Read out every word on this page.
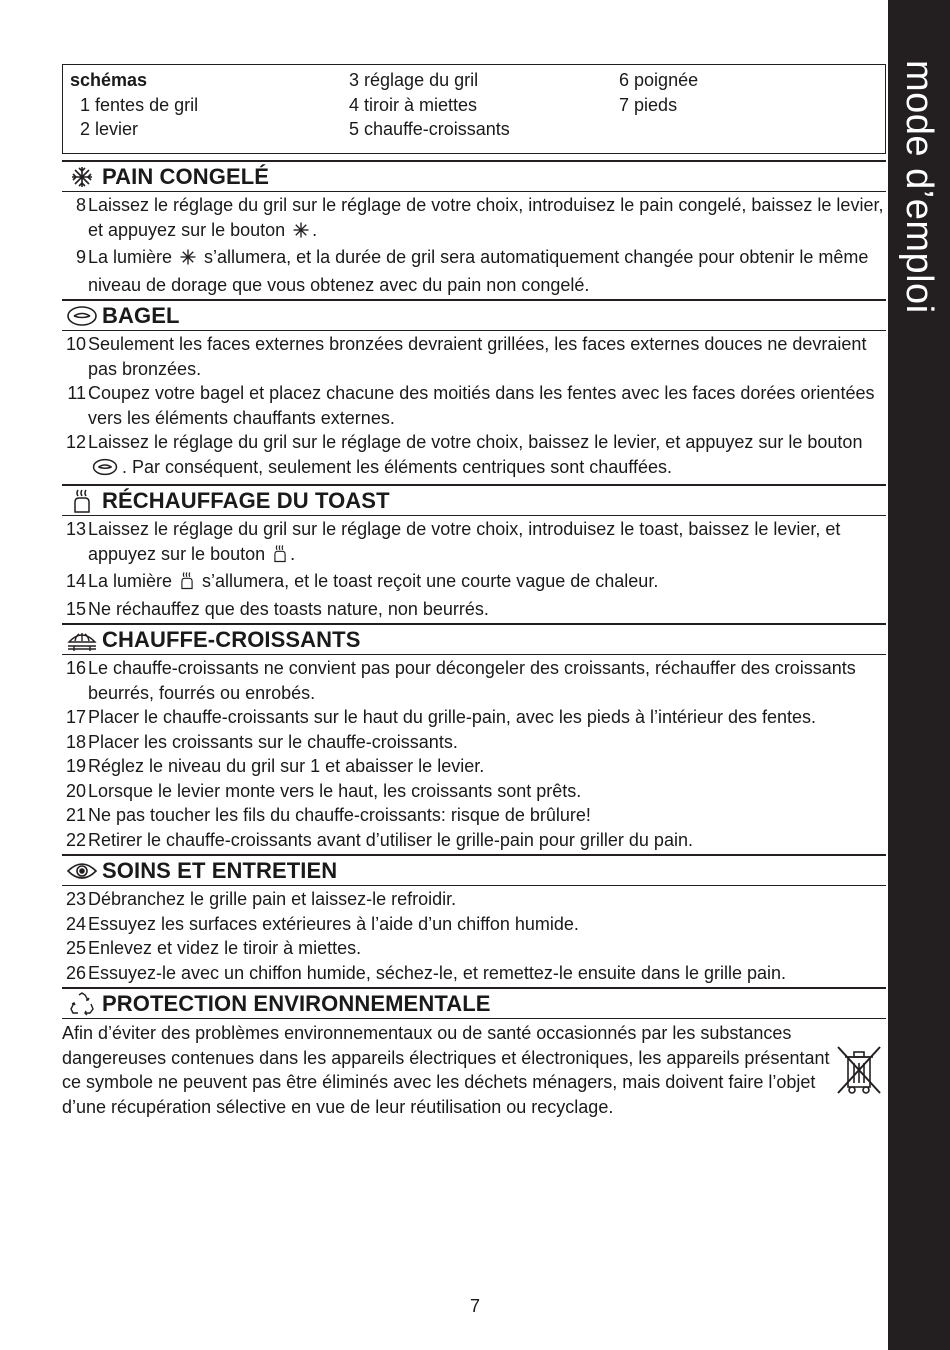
mode d’emploi
schémas
1 fentes de gril
2 levier
3 réglage du gril
4 tiroir à miettes
5 chauffe-croissants
6 poignée
7 pieds
PAIN CONGELÉ
8 Laissez le réglage du gril sur le réglage de votre choix, introduisez le pain congelé, baissez le levier, et appuyez sur le bouton .
9 La lumière  s’allumera, et la durée de gril sera automatiquement changée pour obtenir le même niveau de dorage que vous obtenez avec du pain non congelé.
BAGEL
10 Seulement les faces externes bronzées devraient grillées, les faces externes douces ne devraient pas bronzées.
11 Coupez votre bagel et placez chacune des moitiés dans les fentes avec les faces dorées orientées vers les éléments chauffants externes.
12 Laissez le réglage du gril sur le réglage de votre choix, baissez le levier, et appuyez sur le bouton . Par conséquent, seulement les éléments centriques sont chauffées.
RÉCHAUFFAGE DU TOAST
13 Laissez le réglage du gril sur le réglage de votre choix, introduisez le toast, baissez le levier, et appuyez sur le bouton .
14 La lumière  s’allumera, et le toast reçoit une courte vague de chaleur.
15 Ne réchauffez que des toasts nature, non beurrés.
CHAUFFE-CROISSANTS
16 Le chauffe-croissants ne convient pas pour décongeler des croissants, réchauffer des croissants beurrés, fourrés ou enrobés.
17 Placer le chauffe-croissants sur le haut du grille-pain, avec les pieds à l’intérieur des fentes.
18 Placer les croissants sur le chauffe-croissants.
19 Réglez le niveau du gril sur 1 et abaisser le levier.
20 Lorsque le levier monte vers le haut, les croissants sont prêts.
21 Ne pas toucher les fils du chauffe-croissants: risque de brûlure!
22 Retirer le chauffe-croissants avant d’utiliser le grille-pain pour griller du pain.
SOINS ET ENTRETIEN
23 Débranchez le grille pain et laissez-le refroidir.
24 Essuyez les surfaces extérieures à l’aide d’un chiffon humide.
25 Enlevez et videz le tiroir à miettes.
26 Essuyez-le avec un chiffon humide, séchez-le, et remettez-le ensuite dans le grille pain.
PROTECTION ENVIRONNEMENTALE
Afin d’éviter des problèmes environnementaux ou de santé occasionnés par les substances dangereuses contenues dans les appareils électriques et électroniques, les appareils présentant ce symbole ne peuvent pas être éliminés avec les déchets ménagers, mais doivent faire l’objet d’une récupération sélective en vue de leur réutilisation ou recyclage.
7
